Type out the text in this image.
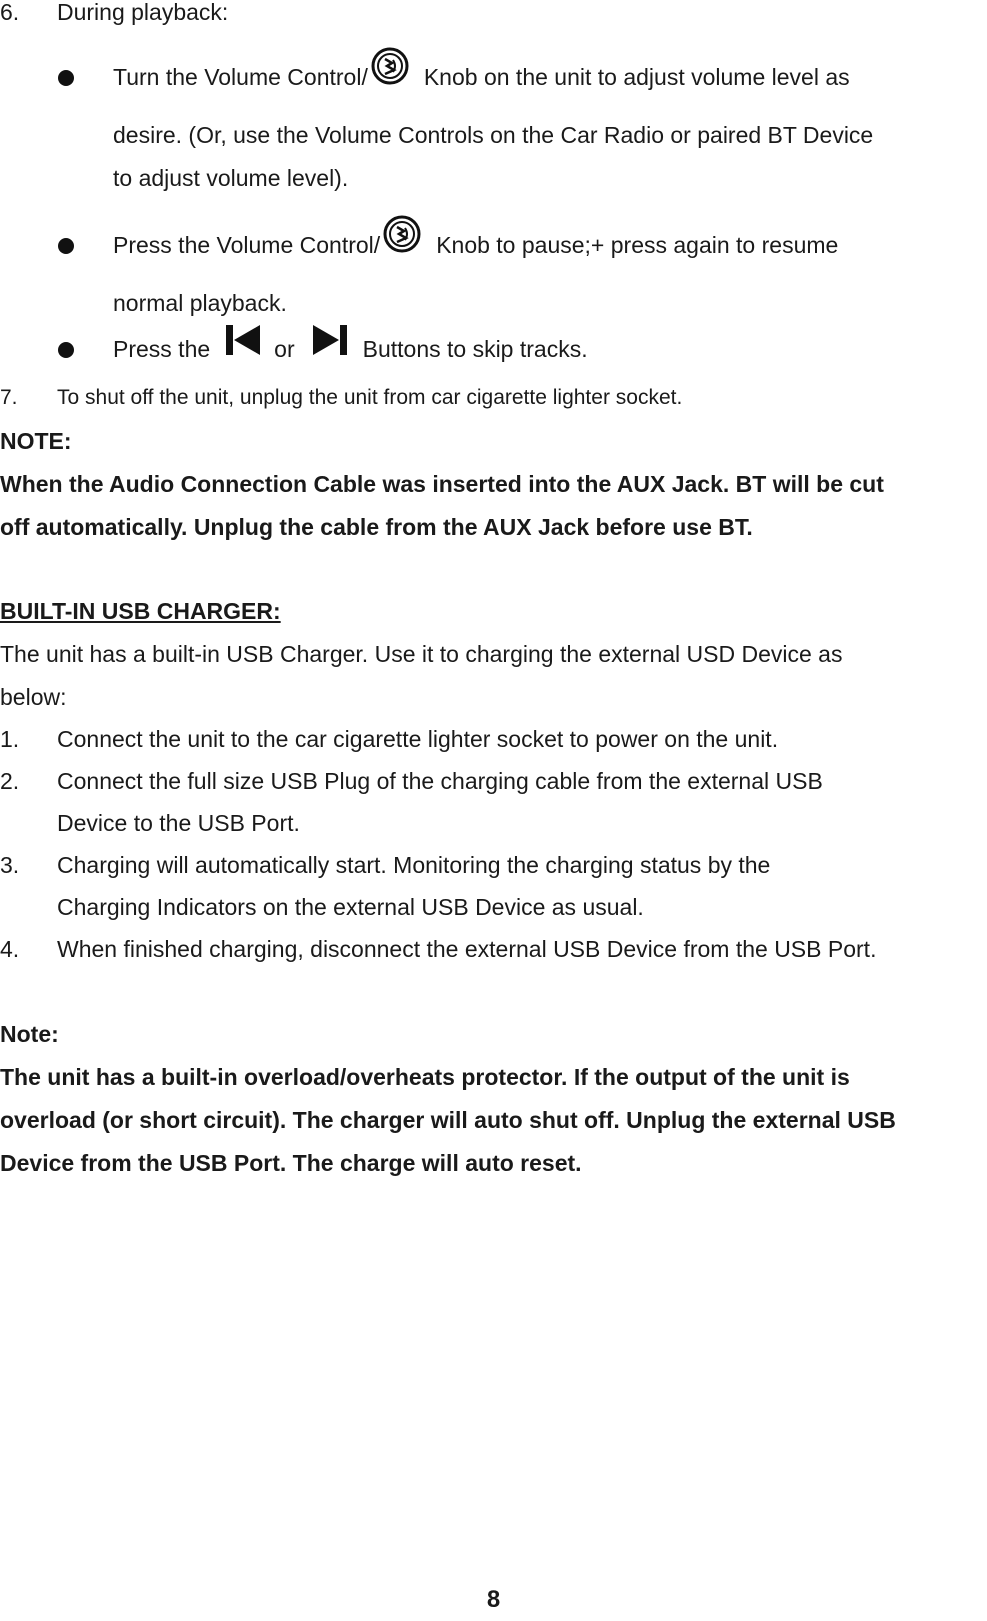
6. During playback:
Turn the Volume Control/ Knob on the unit to adjust volume level as
desire. (Or, use the Volume Controls on the Car Radio or paired BT Device
to adjust volume level).
Press the Volume Control/ Knob to pause;+ press again to resume
normal playback.
Press the	or	Buttons to skip tracks.
7. To shut off the unit, unplug the unit from car cigarette lighter socket.
NOTE:
When the Audio Connection Cable was inserted into the AUX Jack. BT will be cut
off automatically. Unplug the cable from the AUX Jack before use BT.
BUILT-IN USB CHARGER:
The unit has a built-in USB Charger. Use it to charging the external USD Device as
below:
1. Connect the unit to the car cigarette lighter socket to power on the unit.
2. Connect the full size USB Plug of the charging cable from the external USB
Device to the USB Port.
3. Charging will automatically start. Monitoring the charging status by the
Charging Indicators on the external USB Device as usual.
4. When finished charging, disconnect the external USB Device from the USB Port.
Note:
The unit has a built-in overload/overheats protector. If the output of the unit is
overload (or short circuit). The charger will auto shut off. Unplug the external USB
Device from the USB Port. The charge will auto reset.
8
